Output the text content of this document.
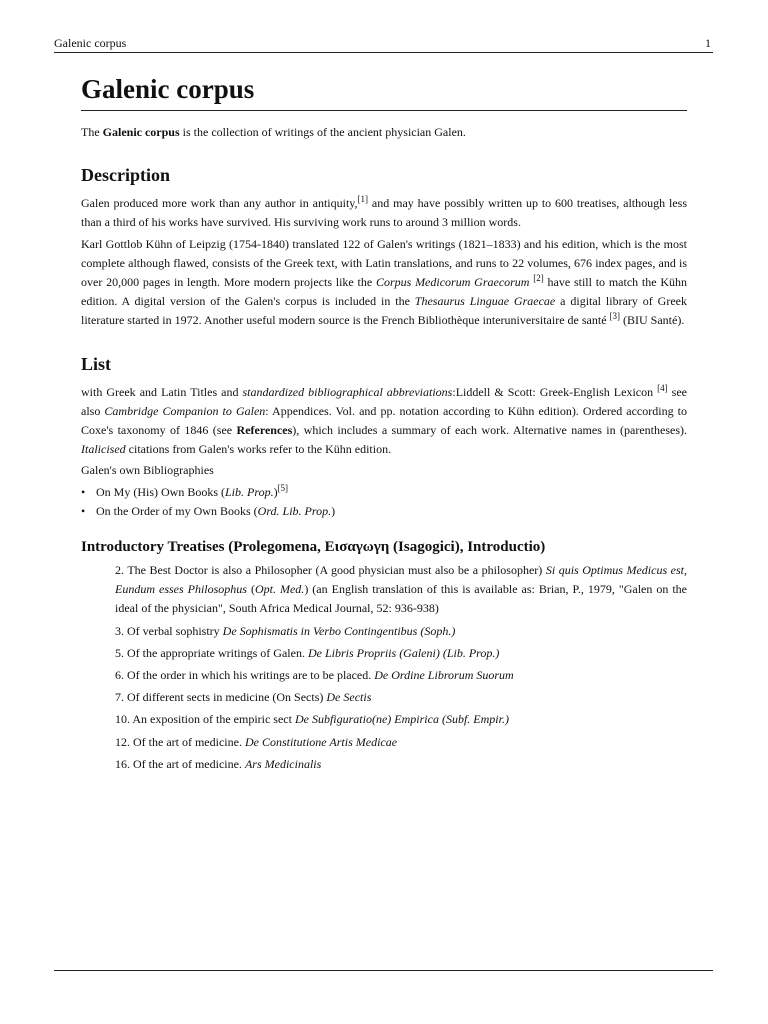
Galenic corpus	1
Galenic corpus

The Galenic corpus is the collection of writings of the ancient physician Galen.

Description

Galen produced more work than any author in antiquity,[1] and may have possibly written up to 600 treatises, although less than a third of his works have survived. His surviving work runs to around 3 million words.

Karl Gottlob Kühn of Leipzig (1754-1840) translated 122 of Galen's writings (1821–1833) and his edition, which is the most complete although flawed, consists of the Greek text, with Latin translations, and runs to 22 volumes, 676 index pages, and is over 20,000 pages in length. More modern projects like the Corpus Medicorum Graecorum [2] have still to match the Kühn edition. A digital version of the Galen's corpus is included in the Thesaurus Linguae Graecae a digital library of Greek literature started in 1972. Another useful modern source is the French Bibliothèque interuniversitaire de santé [3] (BIU Santé).

List

with Greek and Latin Titles and standardized bibliographical abbreviations:Liddell & Scott: Greek-English Lexicon [4] see also Cambridge Companion to Galen: Appendices. Vol. and pp. notation according to Kühn edition). Ordered according to Coxe's taxonomy of 1846 (see References), which includes a summary of each work. Alternative names in (parentheses). Italicised citations from Galen's works refer to the Kühn edition.

Galen's own Bibliographies

• On My (His) Own Books (Lib. Prop.)[5]
• On the Order of my Own Books (Ord. Lib. Prop.)
Introductory Treatises (Prolegomena, Εισαγωγη (Isagogici), Introductio)
2. The Best Doctor is also a Philosopher (A good physician must also be a philosopher) Si quis Optimus Medicus est, Eundum esses Philosophus (Opt. Med.) (an English translation of this is available as: Brian, P., 1979, "Galen on the ideal of the physician", South Africa Medical Journal, 52: 936-938)
3. Of verbal sophistry De Sophismatis in Verbo Contingentibus (Soph.)
5. Of the appropriate writings of Galen. De Libris Propriis (Galeni) (Lib. Prop.)
6. Of the order in which his writings are to be placed. De Ordine Librorum Suorum
7. Of different sects in medicine (On Sects) De Sectis
10. An exposition of the empiric sect De Subfiguratio(ne) Empirica (Subf. Empir.)
12. Of the art of medicine. De Constitutione Artis Medicae
16. Of the art of medicine. Ars Medicinalis
